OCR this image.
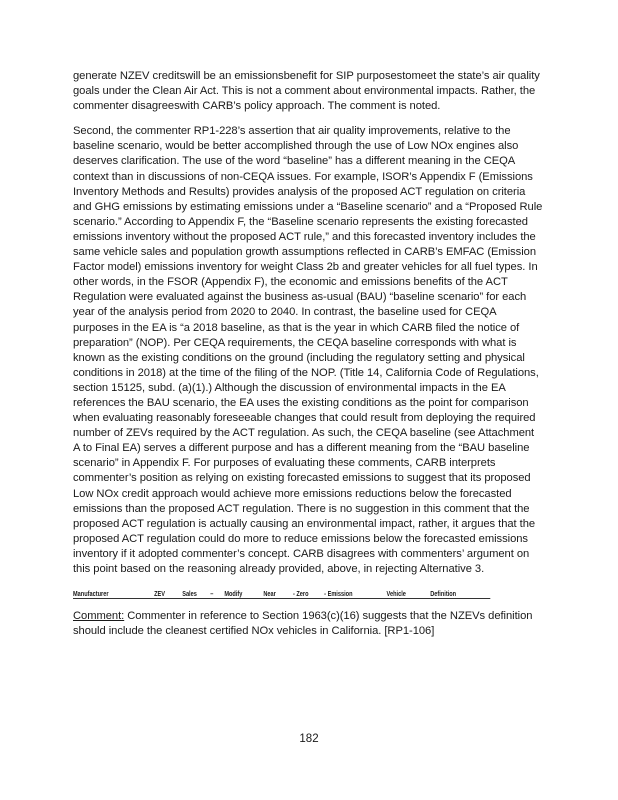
generate NZEV creditswill be an emissionsbenefit for SIP purposestomeet the state’s air quality goals under the Clean Air Act. This is not a comment about environmental impacts. Rather, the commenter disagreeswith CARB’s policy approach. The comment is noted.

Second, the commenter RP1-228’s assertion that air quality improvements, relative to the baseline scenario, would be better accomplished through the use of Low NOx engines also deserves clarification. The use of the word “baseline” has a different meaning in the CEQA context than in discussions of non-CEQA issues. For example, ISOR’s Appendix F (Emissions Inventory Methods and Results) provides analysis of the proposed ACT regulation on criteria and GHG emissions by estimating emissions under a “Baseline scenario” and a “Proposed Rule scenario.” According to Appendix F, the “Baseline scenario represents the existing forecasted emissions inventory without the proposed ACT rule,” and this forecasted inventory includes the same vehicle sales and population growth assumptions reflected in CARB’s EMFAC (Emission Factor model) emissions inventory for weight Class 2b and greater vehicles for all fuel types. In other words, in the FSOR (Appendix F), the economic and emissions benefits of the ACT Regulation were evaluated against the business as-usual (BAU) “baseline scenario” for each year of the analysis period from 2020 to 2040. In contrast, the baseline used for CEQA purposes in the EA is “a 2018 baseline, as that is the year in which CARB filed the notice of preparation” (NOP). Per CEQA requirements, the CEQA baseline corresponds with what is known as the existing conditions on the ground (including the regulatory setting and physical conditions in 2018) at the time of the filing of the NOP. (Title 14, California Code of Regulations, section 15125, subd. (a)(1).) Although the discussion of environmental impacts in the EA references the BAU scenario, the EA uses the existing conditions as the point for comparison when evaluating reasonably foreseeable changes that could result from deploying the required number of ZEVs required by the ACT regulation. As such, the CEQA baseline (see Attachment A to Final EA) serves a different purpose and has a different meaning from the “BAU baseline scenario” in Appendix F. For purposes of evaluating these comments, CARB interprets commenter’s position as relying on existing forecasted emissions to suggest that its proposed Low NOx credit approach would achieve more emissions reductions below the forecasted emissions than the proposed ACT regulation. There is no suggestion in this comment that the proposed ACT regulation is actually causing an environmental impact, rather, it argues that the proposed ACT regulation could do more to reduce emissions below the forecasted emissions inventory if it adopted commenter’s concept. CARB disagrees with commenters’ argument on this point based on the reasoning already provided, above, in rejecting Alternative 3.

Manufacturer	ZEV	Sales	–	Modify	Near	- Zero	- Emission	Vehicle	Definition

Comment: Commenter in reference to Section 1963(c)(16) suggests that the NZEVs definition should include the cleanest certified NOx vehicles in California. [RP1-106]

182
